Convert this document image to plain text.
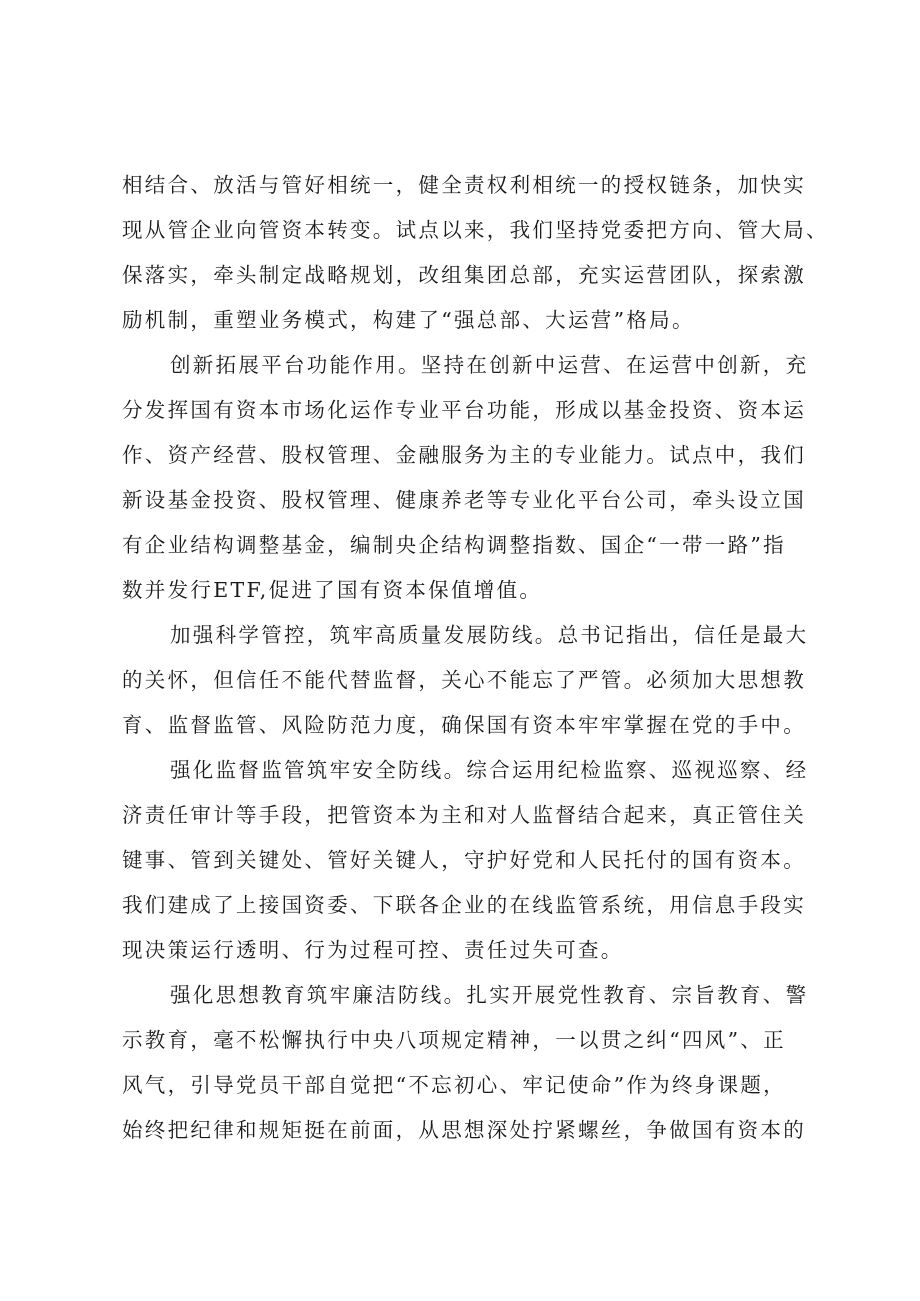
相结合、放活与管好相统一，健全责权利相统一的授权链条，加快实
现从管企业向管资本转变。试点以来，我们坚持党委把方向、管大局、
保落实，牵头制定战略规划，改组集团总部，充实运营团队，探索激
励机制，重塑业务模式，构建了“强总部、大运营”格局。
创新拓展平台功能作用。坚持在创新中运营、在运营中创新，充
分发挥国有资本市场化运作专业平台功能，形成以基金投资、资本运
作、资产经营、股权管理、金融服务为主的专业能力。试点中，我们
新设基金投资、股权管理、健康养老等专业化平台公司，牵头设立国
有企业结构调整基金，编制央企结构调整指数、国企“一带一路”指
数并发行ETF,促进了国有资本保值增值。
加强科学管控，筑牢高质量发展防线。总书记指出，信任是最大
的关怀，但信任不能代替监督，关心不能忘了严管。必须加大思想教
育、监督监管、风险防范力度，确保国有资本牢牢掌握在党的手中。
强化监督监管筑牢安全防线。综合运用纪检监察、巡视巡察、经
济责任审计等手段，把管资本为主和对人监督结合起来，真正管住关
键事、管到关键处、管好关键人，守护好党和人民托付的国有资本。
我们建成了上接国资委、下联各企业的在线监管系统，用信息手段实
现决策运行透明、行为过程可控、责任过失可查。
强化思想教育筑牢廉洁防线。扎实开展党性教育、宗旨教育、警
示教育，毫不松懈执行中央八项规定精神，一以贯之纠“四风”、正
风气，引导党员干部自觉把“不忘初心、牢记使命”作为终身课题，
始终把纪律和规矩挺在前面，从思想深处拧紧螺丝，争做国有资本的
